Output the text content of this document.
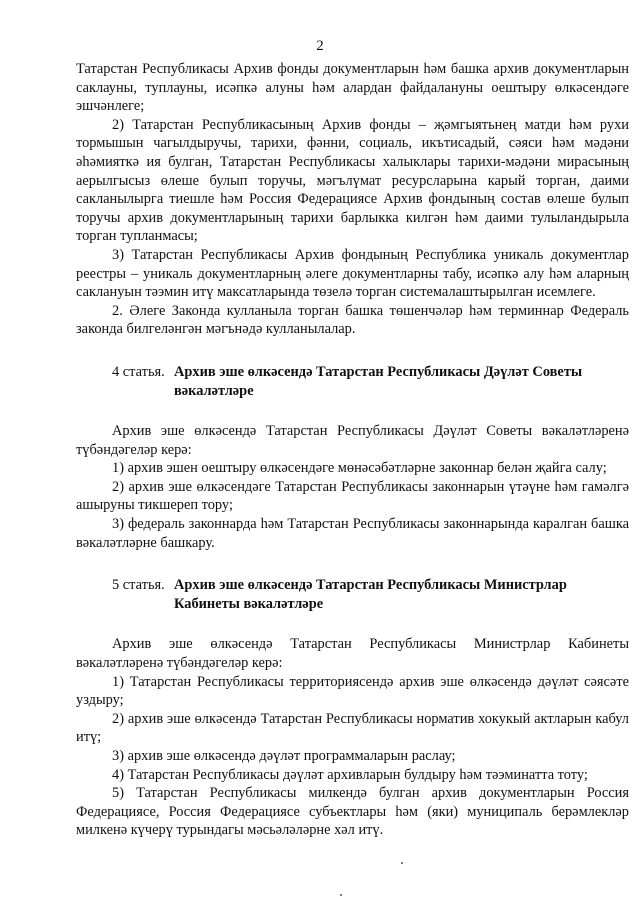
2

Татарстан Республикасы Архив фонды документларын һәм башка архив документларын саклауны, туплауны, исәпкә алуны һәм алардан файдалануны оештыру өлкәсендәге эшчәнлеге;

2) Татарстан Республикасының Архив фонды – җәмгыятьнең матди һәм рухи тормышын чагылдыручы, тарихи, фәнни, социаль, икътисадый, сәяси һәм мәдәни әһәмияткә ия булган, Татарстан Республикасы халыклары тарихи-мәдәни мирасының аерылгысыз өлеше булып торучы, мәгълүмат ресурсларына карый торган, даими сакланылырга тиешле һәм Россия Федерациясе Архив фондының состав өлеше булып торучы архив документларының тарихи барлыкка килгән һәм даими тулыландырыла торган тупланмасы;

3) Татарстан Республикасы Архив фондының Республика уникаль документлар реестры – уникаль документларның әлеге документларны табу, исәпкә алу һәм аларның саклануын тәэмин итү максатларында төзелә торган системалаштырылган исемлеге.

2. Әлеге Законда кулланыла торган башка төшенчәләр һәм терминнар Федераль законда билгеләнгән мәгънәдә кулланылалар.

4 статья. Архив эше өлкәсендә Татарстан Республикасы Дәүләт Советы вәкаләтләре

Архив эше өлкәсендә Татарстан Республикасы Дәүләт Советы вәкаләтләренә түбәндәгеләр керә:

1) архив эшен оештыру өлкәсендәге мөнәсәбәтләрне законнар белән җайга салу;

2) архив эше өлкәсендәге Татарстан Республикасы законнарын үтәүне һәм гамәлгә ашыруны тикшереп тору;

3) федераль законнарда һәм Татарстан Республикасы законнарында каралган башка вәкаләтләрне башкару.

5 статья. Архив эше өлкәсендә Татарстан Республикасы Министрлар Кабинеты вәкаләтләре

Архив эше өлкәсендә Татарстан Республикасы Министрлар Кабинеты вәкаләтләренә түбәндәгеләр керә:

1) Татарстан Республикасы территориясендә архив эше өлкәсендә дәүләт сәясәте уздыру;

2) архив эше өлкәсендә Татарстан Республикасы норматив хокукый актларын кабул итү;

3) архив эше өлкәсендә дәүләт программаларын раслау;

4) Татарстан Республикасы дәүләт архивларын булдыру һәм тәэминатта тоту;

5) Татарстан Республикасы милкендә булган архив документларын Россия Федерациясе, Россия Федерациясе субъектлары һәм (яки) муниципаль берәмлекләр милкенә күчерү турындагы мәсьәләләрне хәл итү.
